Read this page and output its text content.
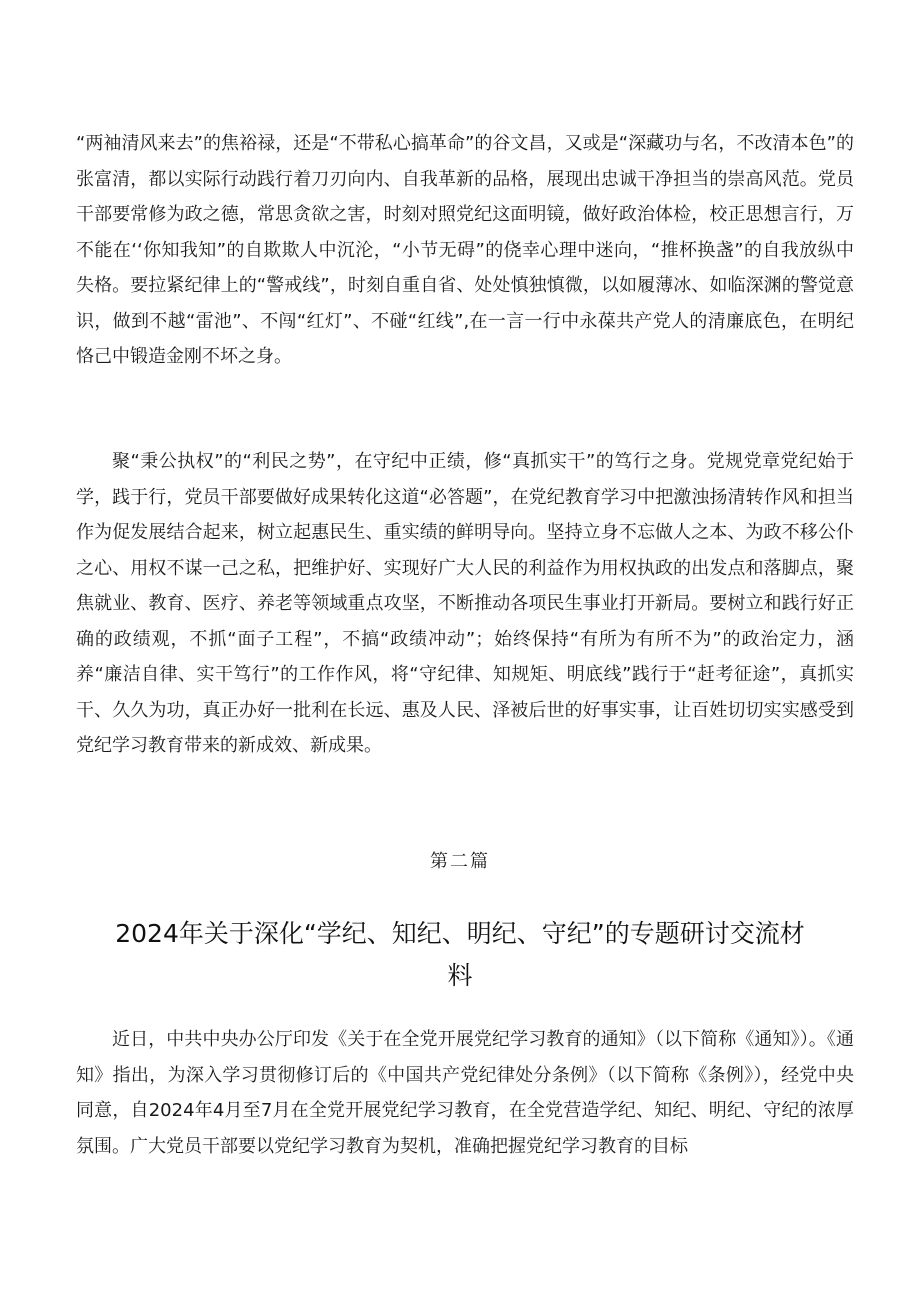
“两袖清风来去”的焦裕禄，还是“不带私心搞革命”的谷文昌，又或是“深藏功与名，不改清本色”的张富清，都以实际行动践行着刀刃向内、自我革新的品格，展现出忠诚干净担当的崇高风范。党员干部要常修为政之德，常思贪欲之害，时刻对照党纪这面明镜，做好政治体检，校正思想言行，万不能在‘‘你知我知”的自欺欺人中沉沦，“小节无碍”的侥幸心理中迷向，“推杯换盏”的自我放纵中失格。要拉紧纪律上的“警戒线”，时刻自重自省、处处慎独慎微，以如履薄冰、如临深渊的警觉意识，做到不越“雷池”、不闯“红灯”、不碰“红线”,在一言一行中永葆共产党人的清廉底色，在明纪恪己中锻造金刚不坏之身。

聚“秉公执权”的“利民之势”，在守纪中正绩，修“真抓实干”的笃行之身。党规党章党纪始于学，践于行，党员干部要做好成果转化这道“必答题”，在党纪教育学习中把激浊扬清转作风和担当作为促发展结合起来，树立起惠民生、重实绩的鲜明导向。坚持立身不忘做人之本、为政不移公仆之心、用权不谋一己之私，把维护好、实现好广大人民的利益作为用权执政的出发点和落脚点，聚焦就业、教育、医疗、养老等领域重点攻坚，不断推动各项民生事业打开新局。要树立和践行好正确的政绩观，不抓“面子工程”，不搞“政绩冲动”；始终保持“有所为有所不为”的政治定力，涵养“廉洁自律、实干笃行”的工作作风，将“守纪律、知规矩、明底线”践行于“赶考征途”，真抓实干、久久为功，真正办好一批利在长远、惠及人民、泽被后世的好事实事，让百姓切切实实感受到党纪学习教育带来的新成效、新成果。

第二篇

2024年关于深化“学纪、知纪、明纪、守纪”的专题研讨交流材料

近日，中共中央办公厅印发《关于在全党开展党纪学习教育的通知》（以下简称《通知》）。《通知》指出，为深入学习贯彻修订后的《中国共产党纪律处分条例》（以下简称《条例》），经党中央同意，自2024年4月至7月在全党开展党纪学习教育，在全党营造学纪、知纪、明纪、守纪的浓厚氛围。广大党员干部要以党纪学习教育为契机，准确把握党纪学习教育的目标
